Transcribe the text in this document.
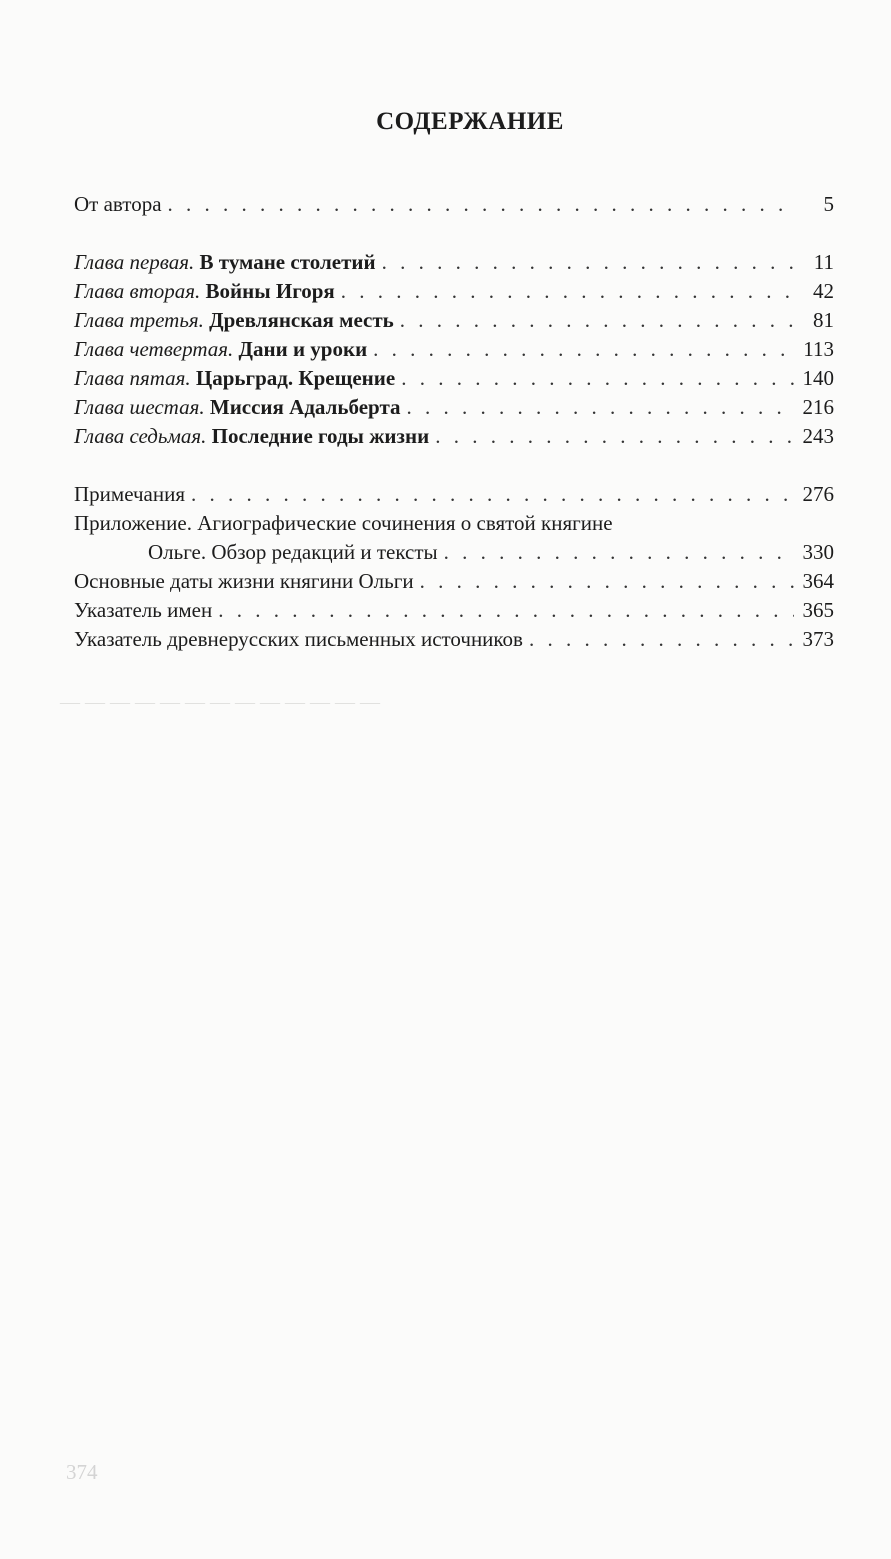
— — — — — — — — — — — — —
СОДЕРЖАНИЕ
От автора . . .	5
Глава первая. В тумане столетий . . .	11
Глава вторая. Войны Игоря . . .	42
Глава третья. Древлянская месть . . .	81
Глава четвертая. Дани и уроки . . .	113
Глава пятая. Царьград. Крещение . . .	140
Глава шестая. Миссия Адальберта . . .	216
Глава седьмая. Последние годы жизни . . .	243
Примечания . . .	276
Приложение. Агиографические сочинения о святой княгине
Ольге. Обзор редакций и тексты . . .	330
Основные даты жизни княгини Ольги . . .	364
Указатель имен . . .	365
Указатель древнерусских письменных источников . . .	373
374
